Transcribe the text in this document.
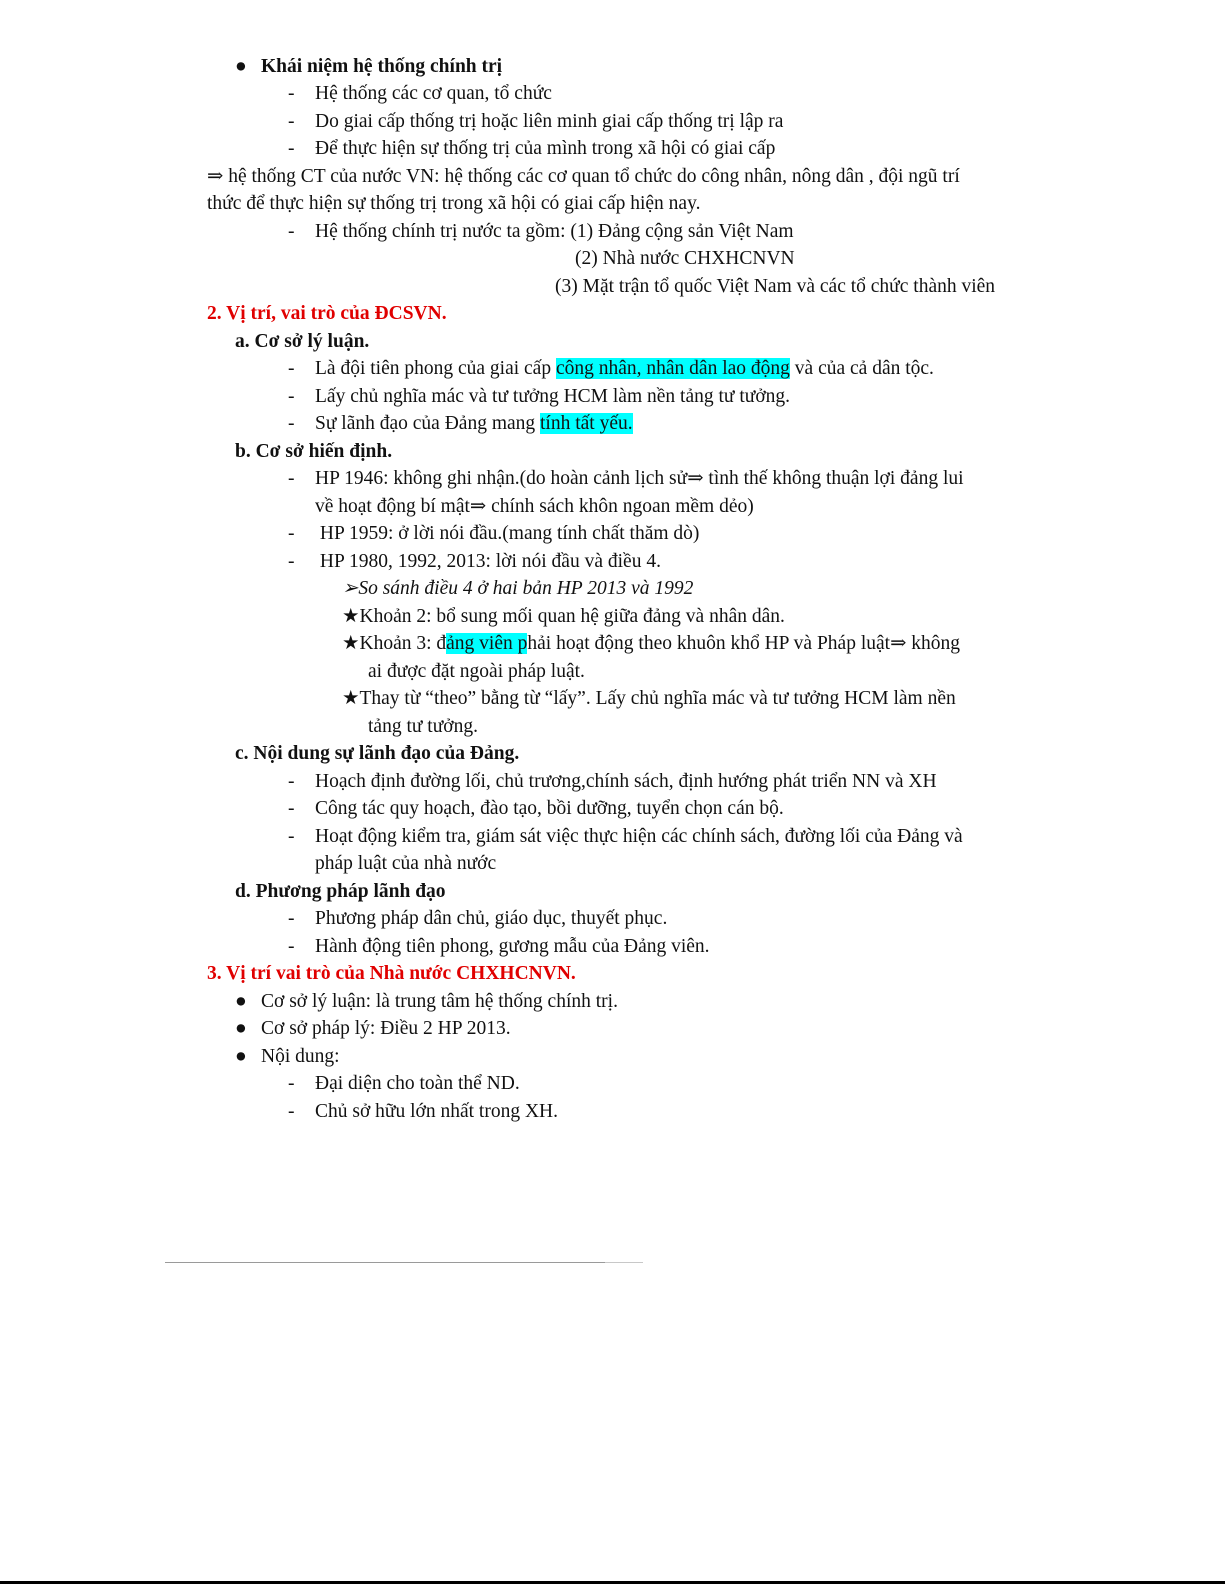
● Khái niệm hệ thống chính trị
- Hệ thống các cơ quan, tổ chức
- Do giai cấp thống trị hoặc liên minh giai cấp thống trị lập ra
- Để thực hiện sự thống trị của mình trong xã hội có giai cấp
⇒ hệ thống CT của nước VN: hệ thống các cơ quan tổ chức do công nhân, nông dân , đội ngũ trí
thức để thực hiện sự thống trị trong xã hội có giai cấp hiện nay.
- Hệ thống chính trị nước ta gồm: (1) Đảng cộng sản Việt Nam
(2) Nhà nước CHXHCNVN
(3) Mặt trận tổ quốc Việt Nam và các tổ chức thành viên
2. Vị trí, vai trò của ĐCSVN.
a. Cơ sở lý luận.
- Là đội tiên phong của giai cấp công nhân, nhân dân lao động và của cả dân tộc.
- Lấy chủ nghĩa mác và tư tưởng HCM làm nền tảng tư tưởng.
- Sự lãnh đạo của Đảng mang tính tất yếu.
b. Cơ sở hiến định.
- HP 1946: không ghi nhận.(do hoàn cảnh lịch sử⇒ tình thế không thuận lợi đảng lui
về hoạt động bí mật⇒ chính sách khôn ngoan mềm dẻo)
- HP 1959: ở lời nói đầu.(mang tính chất thăm dò)
- HP 1980, 1992, 2013: lời nói đầu và điều 4.
➢So sánh điều 4 ở hai bản HP 2013 và 1992
★Khoản 2: bổ sung mối quan hệ giữa đảng và nhân dân.
★Khoản 3: đảng viên phải hoạt động theo khuôn khổ HP và Pháp luật⇒ không
ai được đặt ngoài pháp luật.
★Thay từ “theo” bằng từ “lấy”. Lấy chủ nghĩa mác và tư tưởng HCM làm nền
tảng tư tưởng.
c. Nội dung sự lãnh đạo của Đảng.
- Hoạch định đường lối, chủ trương,chính sách, định hướng phát triển NN và XH
- Công tác quy hoạch, đào tạo, bồi dưỡng, tuyển chọn cán bộ.
- Hoạt động kiểm tra, giám sát việc thực hiện các chính sách, đường lối của Đảng và
pháp luật của nhà nước
d. Phương pháp lãnh đạo
- Phương pháp dân chủ, giáo dục, thuyết phục.
- Hành động tiên phong, gương mẫu của Đảng viên.
3. Vị trí vai trò của Nhà nước CHXHCNVN.
● Cơ sở lý luận: là trung tâm hệ thống chính trị.
● Cơ sở pháp lý: Điều 2 HP 2013.
● Nội dung:
- Đại diện cho toàn thể ND.
- Chủ sở hữu lớn nhất trong XH.
